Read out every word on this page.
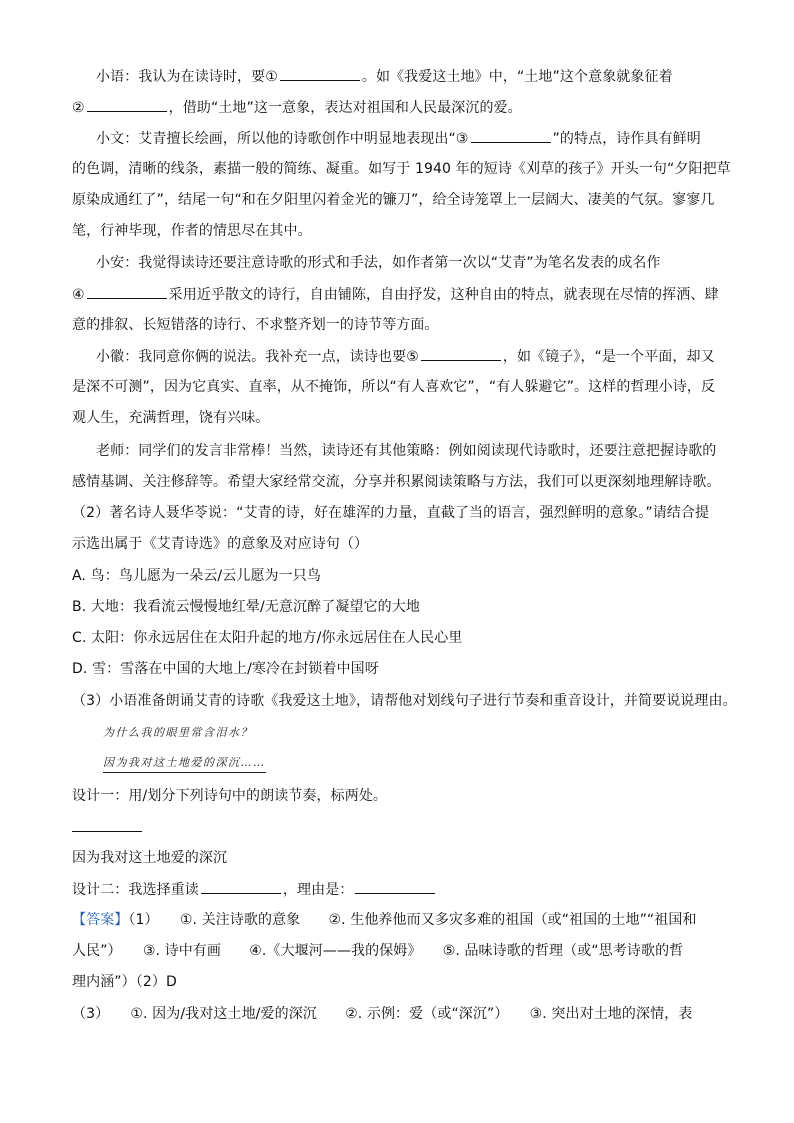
小语：我认为在读诗时，要①	。如《我爱这土地》中，“土地”这个意象就象征着
②	，借助“土地”这一意象，表达对祖国和人民最深沉的爱。
小文：艾青擅长绘画，所以他的诗歌创作中明显地表现出“③	”的特点，诗作具有鲜明
的色调，清晰的线条，素描一般的简练、凝重。如写于 1940 年的短诗《刈草的孩子》开头一句“夕阳把草
原染成通红了”，结尾一句“和在夕阳里闪着金光的镰刀”，给全诗笼罩上一层阔大、凄美的气氛。寥寥几
笔，行神毕现，作者的情思尽在其中。
小安：我觉得读诗还要注意诗歌的形式和手法，如作者第一次以“艾青”为笔名发表的成名作
④	采用近乎散文的诗行，自由铺陈，自由抒发，这种自由的特点，就表现在尽情的挥洒、肆
意的排叙、长短错落的诗行、不求整齐划一的诗节等方面。
小徽：我同意你俩的说法。我补充一点，读诗也要⑤	，如《镜子》，“是一个平面，却又
是深不可测”，因为它真实、直率，从不掩饰，所以“有人喜欢它”，“有人躲避它”。这样的哲理小诗，反
观人生，充满哲理，饶有兴味。
老师：同学们的发言非常棒！当然，读诗还有其他策略：例如阅读现代诗歌时，还要注意把握诗歌的
感情基调、关注修辞等。希望大家经常交流，分享并积累阅读策略与方法，我们可以更深刻地理解诗歌。
（2）著名诗人聂华苓说：“艾青的诗，好在雄浑的力量，直截了当的语言，强烈鲜明的意象。”请结合提
示选出属于《艾青诗选》的意象及对应诗句（）
A. 鸟：鸟儿愿为一朵云/云儿愿为一只鸟
B. 大地：我看流云慢慢地红晕/无意沉醉了凝望它的大地
C. 太阳：你永远居住在太阳升起的地方/你永远居住在人民心里
D. 雪：雪落在中国的大地上/寒冷在封锁着中国呀
（3）小语准备朗诵艾青的诗歌《我爱这土地》，请帮他对划线句子进行节奏和重音设计，并简要说说理由。
为什么我的眼里常含泪水？
因为我对这土地爱的深沉……
设计一：用/划分下列诗句中的朗读节奏，标两处。
因为我对这土地爱的深沉
设计二：我选择重读	，理由是：
【答案】（1）　　①. 关注诗歌的意象　　②. 生他养他而又多灾多难的祖国（或“祖国的土地”“祖国和
人民”）　　③. 诗中有画　　④.《大堰河——我的保姆》　　⑤. 品味诗歌的哲理（或“思考诗歌的哲
理内涵”）（2）D
（3）　　①. 因为/我对这土地/爱的深沉　　②. 示例：爱（或“深沉”）　　③. 突出对土地的深情，表
